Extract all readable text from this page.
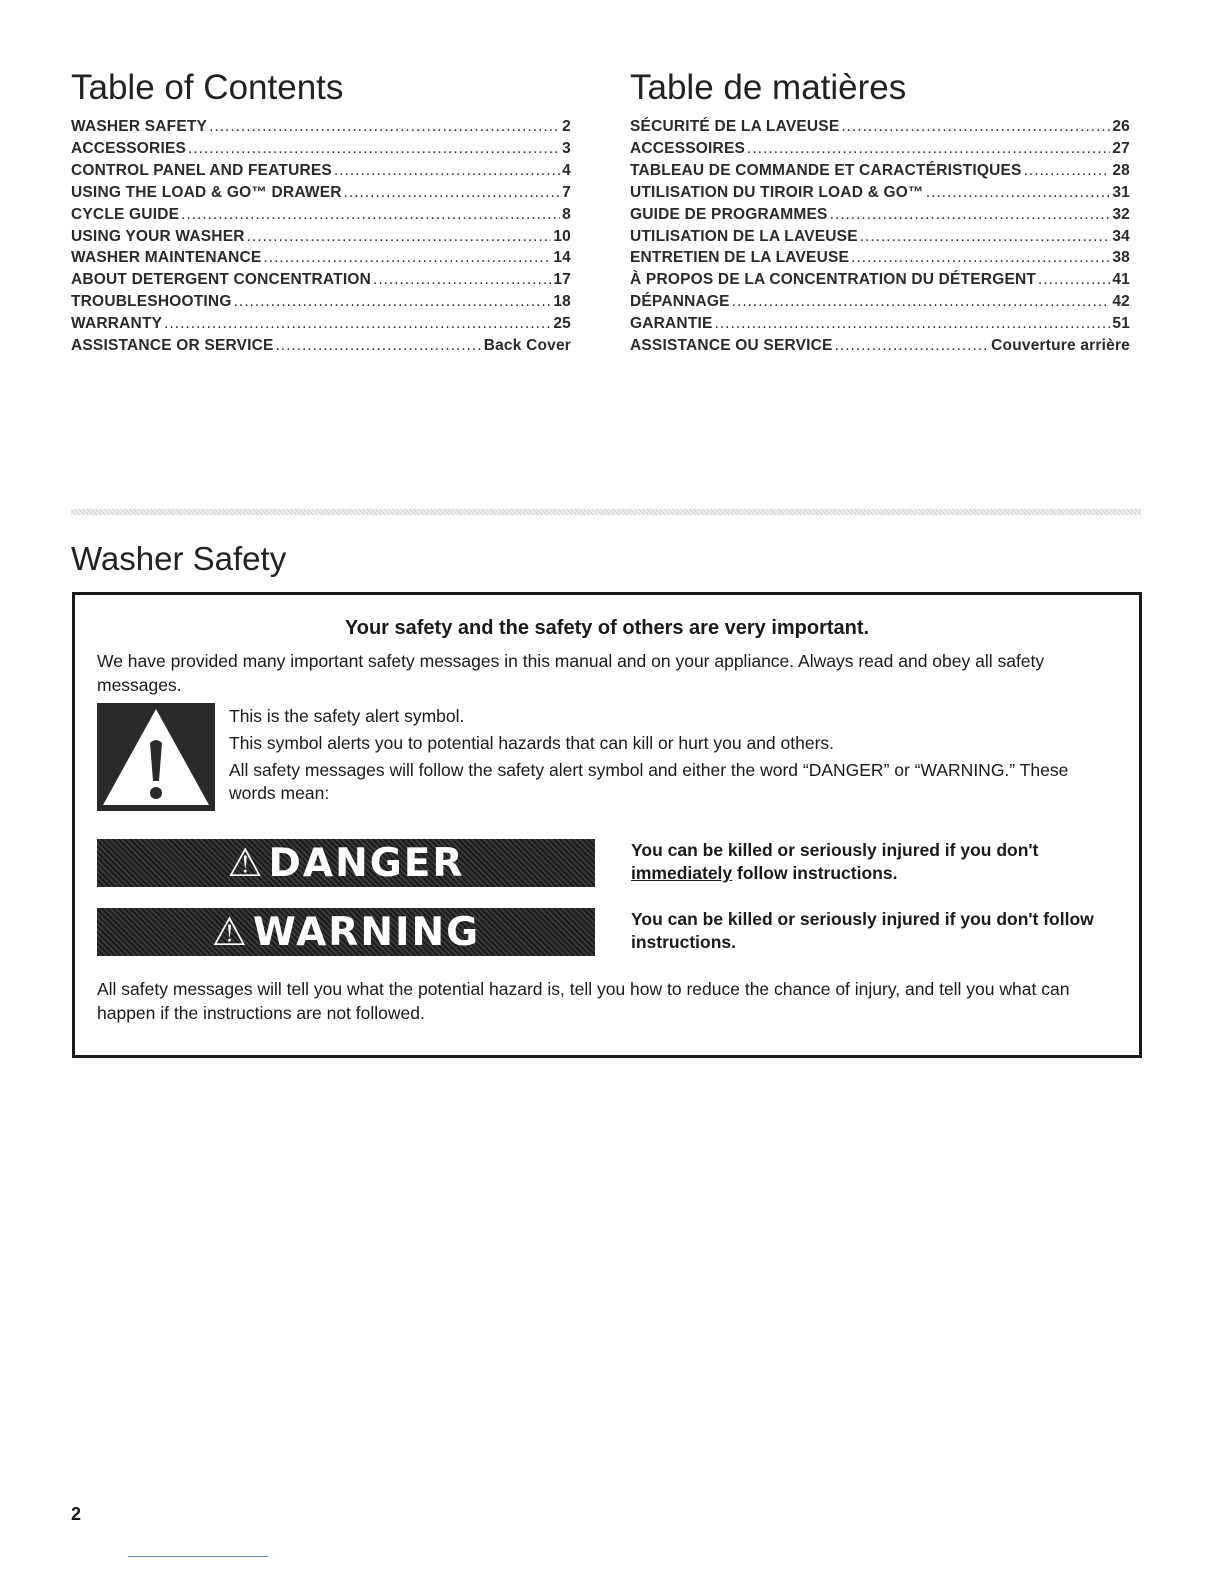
Table of Contents
WASHER SAFETY .....	2
ACCESSORIES .....	3
CONTROL PANEL AND FEATURES .....	4
USING THE LOAD & GO™ DRAWER .....	7
CYCLE GUIDE .....	8
USING YOUR WASHER .....	10
WASHER MAINTENANCE .....	14
ABOUT DETERGENT CONCENTRATION .....	17
TROUBLESHOOTING .....	18
WARRANTY .....	25
ASSISTANCE OR SERVICE .....	Back Cover
Table de matières
SÉCURITÉ DE LA LAVEUSE .....	26
ACCESSOIRES .....	27
TABLEAU DE COMMANDE ET CARACTÉRISTIQUES .....	28
UTILISATION DU TIROIR LOAD & GO™ .....	31
GUIDE DE PROGRAMMES .....	32
UTILISATION DE LA LAVEUSE .....	34
ENTRETIEN DE LA LAVEUSE .....	38
À PROPOS DE LA CONCENTRATION DU DÉTERGENT .....	41
DÉPANNAGE .....	42
GARANTIE .....	51
ASSISTANCE OU SERVICE .....	Couverture arrière
Washer Safety

Your safety and the safety of others are very important.

We have provided many important safety messages in this manual and on your appliance. Always read and obey all safety messages.

This is the safety alert symbol.

This symbol alerts you to potential hazards that can kill or hurt you and others.

All safety messages will follow the safety alert symbol and either the word “DANGER” or “WARNING.” These words mean:

⚠ DANGER	You can be killed or seriously injured if you don't immediately follow instructions.

⚠ WARNING	You can be killed or seriously injured if you don't follow instructions.

All safety messages will tell you what the potential hazard is, tell you how to reduce the chance of injury, and tell you what can happen if the instructions are not followed.

2
